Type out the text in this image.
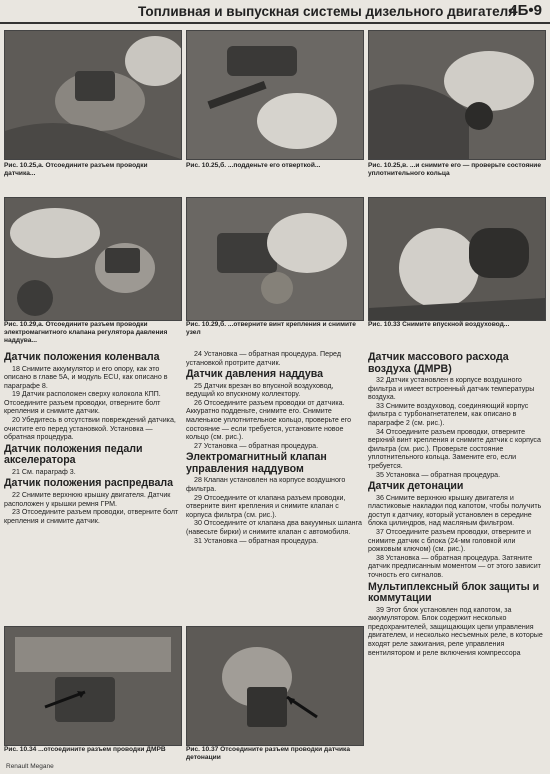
Топливная и выпускная системы дизельного двигателя
4Б•9
Рис. 10.25,а. Отсоедините разъем проводки датчика...
Рис. 10.25,б. ...подденьте его отверткой...	Рис. 10.25,в. ...и снимите его — проверьте состояние уплотнительного кольца
Рис. 10.29,а. Отсоедините разъем проводки электромагнитного клапана регулятора давления наддува...
Рис. 10.29,б. ...отверните винт крепления и снимите узел
Рис. 10.33 Снимите впускной воздуховод...
Датчик положения коленвала

18 Снимите аккумулятор и его опору, как это описано в главе 5А, и модуль ECU, как описано в параграфе 8.

19 Датчик расположен сверху колокола КПП. Отсоедините разъем проводки, отверните болт крепления и снимите датчик.

20 Убедитесь в отсутствии повреждений датчика, очистите его перед установкой. Установка — обратная процедура.

Датчик положения педали акселератора

21 См. параграф 3.

Датчик положения распредвала

22 Снимите верхнюю крышку двигателя. Датчик расположен у крышки ремня ГРМ.

23 Отсоедините разъем проводки, отверните болт крепления и снимите датчик.

24 Установка — обратная процедура. Перед установкой протрите датчик.

Датчик давления наддува

25 Датчик врезан во впускной воздуховод, ведущий ко впускному коллектору.

26 Отсоедините разъем проводки от датчика. Аккуратно подденьте, снимите его. Снимите маленькое уплотнительное кольцо, проверьте его состояние — если требуется, установите новое кольцо (см. рис.).

27 Установка — обратная процедура.

Электромагнитный клапан управления наддувом

28 Клапан установлен на корпусе воздушного фильтра.

29 Отсоедините от клапана разъем проводки, отверните винт крепления и снимите клапан с корпуса фильтра (см. рис.).

30 Отсоедините от клапана два вакуумных шланга (навесьте бирки) и снимите клапан с автомобиля.

31 Установка — обратная процедура.

Датчик массового расхода воздуха (ДМРВ)

32 Датчик установлен в корпусе воздушного фильтра и имеет встроенный датчик температуры воздуха.

33 Снимите воздуховод, соединяющий корпус фильтра с турбонагнетателем, как описано в параграфе 2 (см. рис.).

34 Отсоедините разъем проводки, отверните верхний винт крепления и снимите датчик с корпуса фильтра (см. рис.). Проверьте состояние уплотнительного кольца. Замените его, если требуется.

35 Установка — обратная процедура.

Датчик детонации

36 Снимите верхнюю крышку двигателя и пластиковые накладки под капотом, чтобы получить доступ к датчику, который установлен в середине блока цилиндров, над масляным фильтром.

37 Отсоедините разъем проводки, отверните и снимите датчик с блока (24-мм головкой или рожковым ключом) (см. рис.).

38 Установка — обратная процедура. Затяните датчик предписанным моментом — от этого зависит точность его сигналов.

Мультиплексный блок защиты и коммутации

39 Этот блок установлен под капотом, за аккумулятором. Блок содержит несколько предохранителей, защищающих цепи управления двигателем, и несколько несъемных реле, в которые входят реле зажигания, реле управления вентилятором и реле включения компрессора

Рис. 10.34 ...отсоедините разъем проводки ДМРВ	Рис. 10.37 Отсоедините разъем проводки датчика детонации
Renault Megane
